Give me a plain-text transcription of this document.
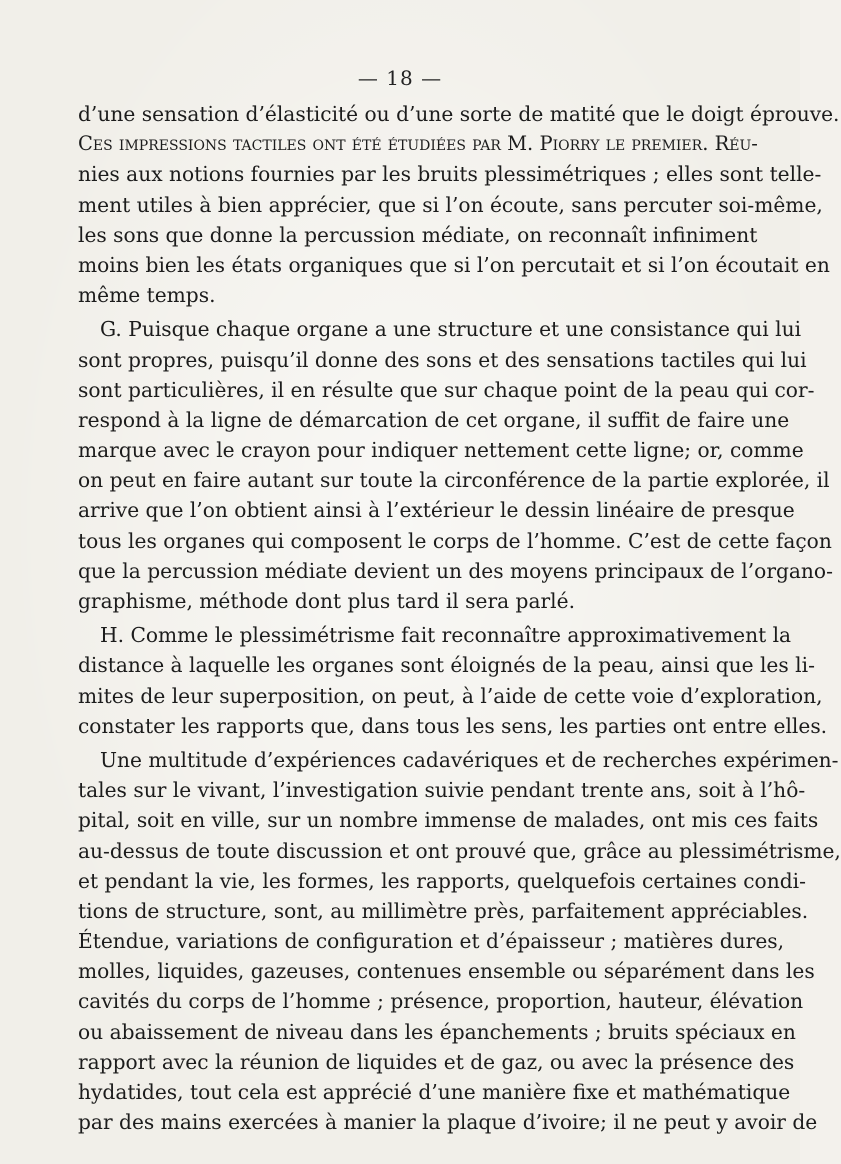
— 18 —
d’une sensation d’élasticité ou d’une sorte de matité que le doigt éprouve.
Ces impressions tactiles ont été étudiées par M. Piorry le premier. Réu-
nies aux notions fournies par les bruits plessimétriques ; elles sont telle-
ment utiles à bien apprécier, que si l’on écoute, sans percuter soi-même,
les sons que donne la percussion médiate, on reconnaît infiniment
moins bien les états organiques que si l’on percutait et si l’on écoutait en
même temps.
G. Puisque chaque organe a une structure et une consistance qui lui
sont propres, puisqu’il donne des sons et des sensations tactiles qui lui
sont particulières, il en résulte que sur chaque point de la peau qui cor-
respond à la ligne de démarcation de cet organe, il suffit de faire une
marque avec le crayon pour indiquer nettement cette ligne; or, comme
on peut en faire autant sur toute la circonférence de la partie explorée, il
arrive que l’on obtient ainsi à l’extérieur le dessin linéaire de presque
tous les organes qui composent le corps de l’homme. C’est de cette façon
que la percussion médiate devient un des moyens principaux de l’organo-
graphisme, méthode dont plus tard il sera parlé.
H. Comme le plessimétrisme fait reconnaître approximativement la
distance à laquelle les organes sont éloignés de la peau, ainsi que les li-
mites de leur superposition, on peut, à l’aide de cette voie d’exploration,
constater les rapports que, dans tous les sens, les parties ont entre elles.
Une multitude d’expériences cadavériques et de recherches expérimen-
tales sur le vivant, l’investigation suivie pendant trente ans, soit à l’hô-
pital, soit en ville, sur un nombre immense de malades, ont mis ces faits
au-dessus de toute discussion et ont prouvé que, grâce au plessimétrisme,
et pendant la vie, les formes, les rapports, quelquefois certaines condi-
tions de structure, sont, au millimètre près, parfaitement appréciables.
Étendue, variations de configuration et d’épaisseur ; matières dures,
molles, liquides, gazeuses, contenues ensemble ou séparément dans les
cavités du corps de l’homme ; présence, proportion, hauteur, élévation
ou abaissement de niveau dans les épanchements ; bruits spéciaux en
rapport avec la réunion de liquides et de gaz, ou avec la présence des
hydatides, tout cela est apprécié d’une manière fixe et mathématique
par des mains exercées à manier la plaque d’ivoire; il ne peut y avoir de
